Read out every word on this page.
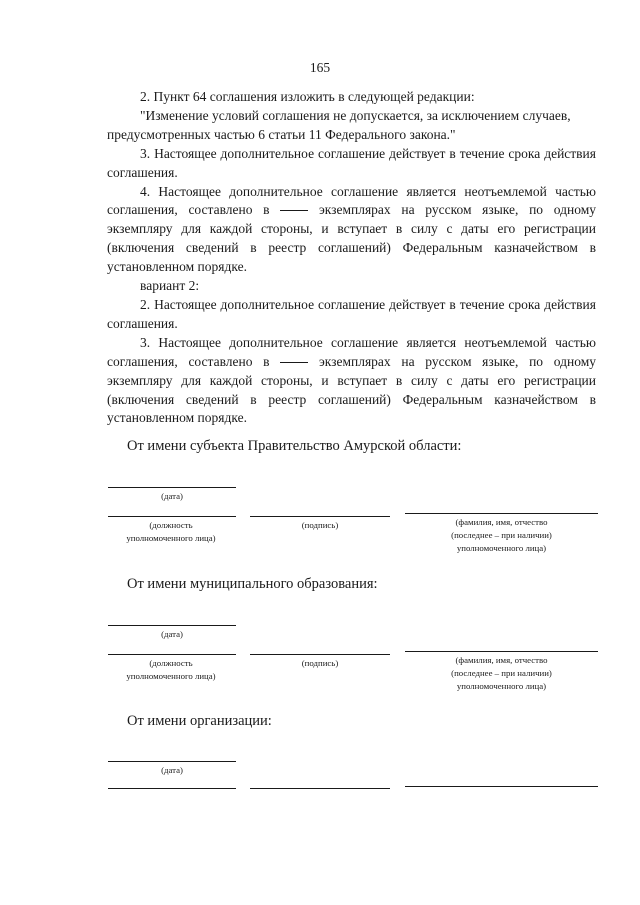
165

2. Пункт 64 соглашения изложить в следующей редакции:

"Изменение условий соглашения не допускается, за исключением случаев, предусмотренных частью 6 статьи 11 Федерального закона."

3. Настоящее дополнительное соглашение действует в течение срока действия соглашения.

4. Настоящее дополнительное соглашение является неотъемлемой частью соглашения, составлено в	экземплярах на русском языке, по одному экземпляру для каждой стороны, и вступает в силу с даты его регистрации (включения сведений в реестр соглашений) Федеральным казначейством в установленном порядке.

вариант 2:

2. Настоящее дополнительное соглашение действует в течение срока действия соглашения.

3. Настоящее дополнительное соглашение является неотъемлемой частью соглашения, составлено в	экземплярах на русском языке, по одному экземпляру для каждой стороны, и вступает в силу с даты его регистрации (включения сведений в реестр соглашений) Федеральным казначейством в установленном порядке.

От имени субъекта Правительство Амурской области:
(дата)
(должность
уполномоченного лица)
(подпись)	(фамилия, имя, отчество
(последнее – при наличии)
уполномоченного лица)
От имени муниципального образования:
(дата)
(должность
уполномоченного лица)
(подпись)	(фамилия, имя, отчество
(последнее – при наличии)
уполномоченного лица)
От имени организации:
(дата)
